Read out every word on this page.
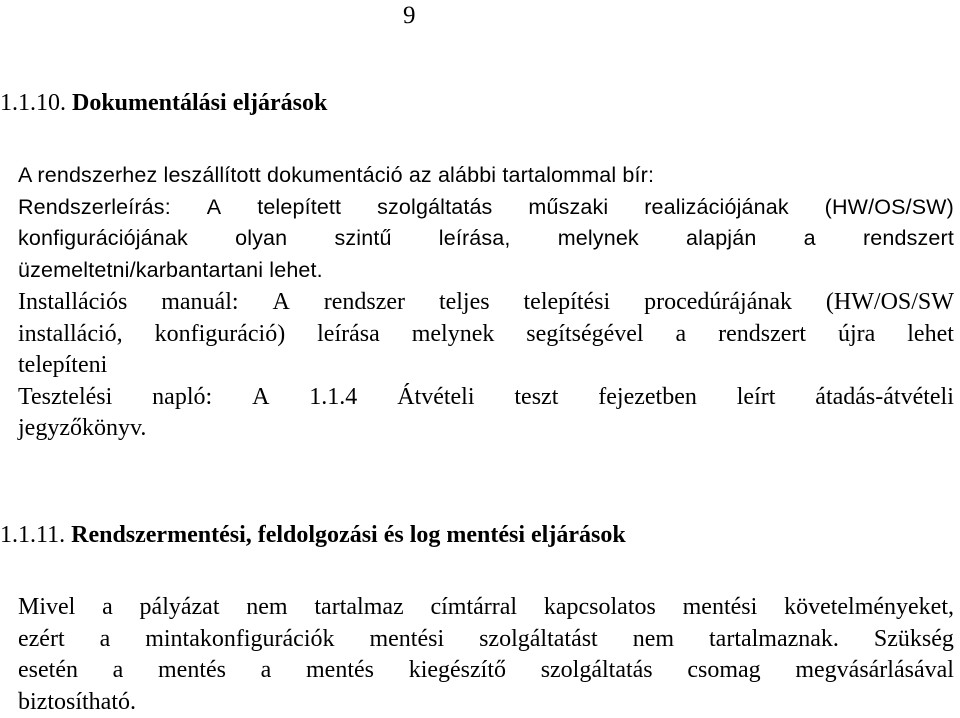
9
1.1.10. Dokumentálási eljárások
A rendszerhez leszállított dokumentáció az alábbi tartalommal bír:
Rendszerleírás: A telepített szolgáltatás műszaki realizációjának (HW/OS/SW)
konfigurációjának olyan szintű leírása, melynek alapján a rendszert
üzemeltetni/karbantartani lehet.
Installációs manuál: A rendszer teljes telepítési procedúrájának (HW/OS/SW
installáció, konfiguráció) leírása melynek segítségével a rendszert újra lehet
telepíteni
Tesztelési napló: A 1.1.4 Átvételi teszt fejezetben leírt átadás-átvételi
jegyzőkönyv.
1.1.11. Rendszermentési, feldolgozási és log mentési eljárások
Mivel a pályázat nem tartalmaz címtárral kapcsolatos mentési követelményeket,
ezért a mintakonfigurációk mentési szolgáltatást nem tartalmaznak. Szükség
esetén a mentés a mentés kiegészítő szolgáltatás csomag megvásárlásával
biztosítható.
